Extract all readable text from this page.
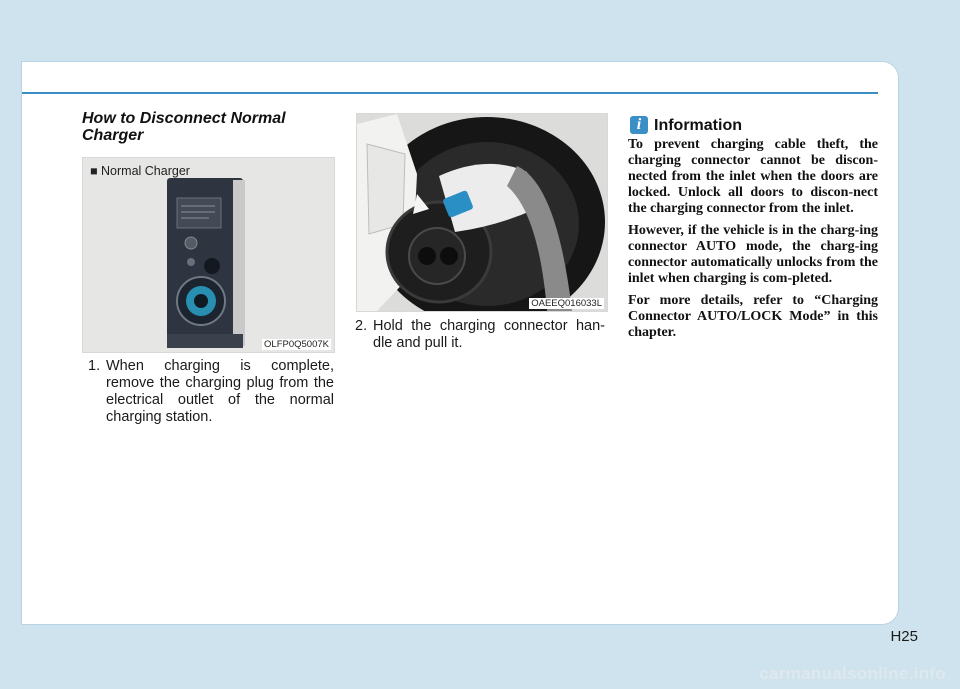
How to Disconnect Normal Charger
■ Normal Charger
OLFP0Q5007K
1. When charging is complete, remove the charging plug from the electrical outlet of the normal charging station.
OAEEQ016033L
2. Hold the charging connector han-dle and pull it.
i Information

To prevent charging cable theft, the charging connector cannot be discon-nected from the inlet when the doors are locked. Unlock all doors to discon-nect the charging connector from the inlet.

However, if the vehicle is in the charg-ing connector AUTO mode, the charg-ing connector automatically unlocks from the inlet when charging is com-pleted.

For more details, refer to “Charging Connector AUTO/LOCK Mode” in this chapter.

H25
carmanualsonline.info
